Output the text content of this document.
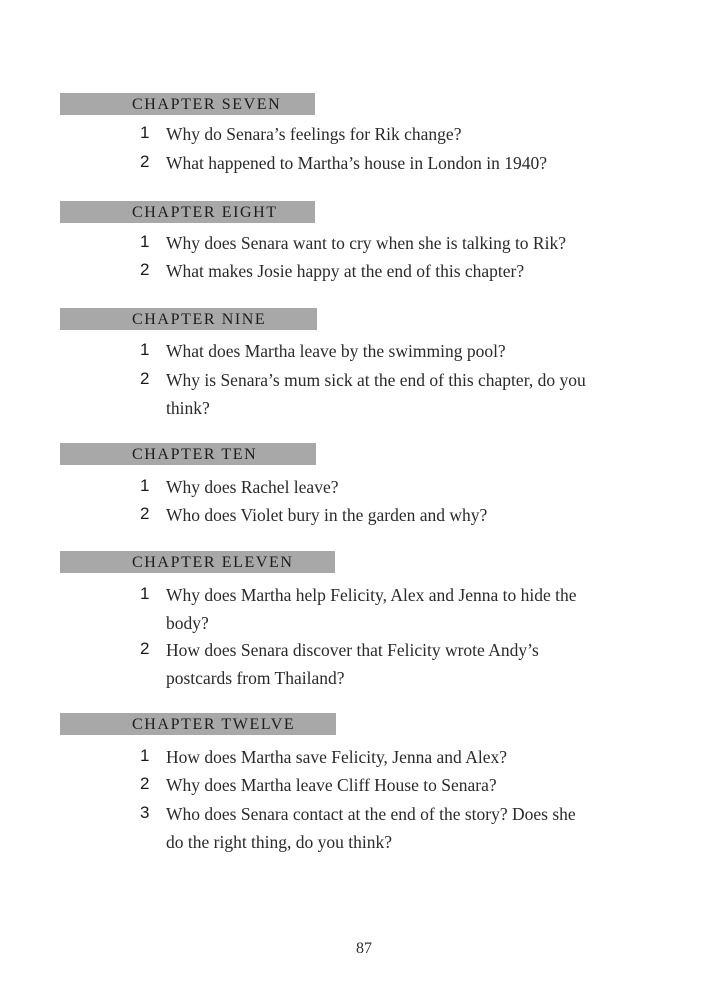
CHAPTER SEVEN
1 Why do Senara’s feelings for Rik change?
2 What happened to Martha’s house in London in 1940?
CHAPTER EIGHT
1 Why does Senara want to cry when she is talking to Rik?
2 What makes Josie happy at the end of this chapter?
CHAPTER NINE
1 What does Martha leave by the swimming pool?
2 Why is Senara’s mum sick at the end of this chapter, do you think?
CHAPTER TEN
1 Why does Rachel leave?
2 Who does Violet bury in the garden and why?
CHAPTER ELEVEN
1 Why does Martha help Felicity, Alex and Jenna to hide the body?
2 How does Senara discover that Felicity wrote Andy’s postcards from Thailand?
CHAPTER TWELVE
1 How does Martha save Felicity, Jenna and Alex?
2 Why does Martha leave Cliff House to Senara?
3 Who does Senara contact at the end of the story? Does she do the right thing, do you think?
87
